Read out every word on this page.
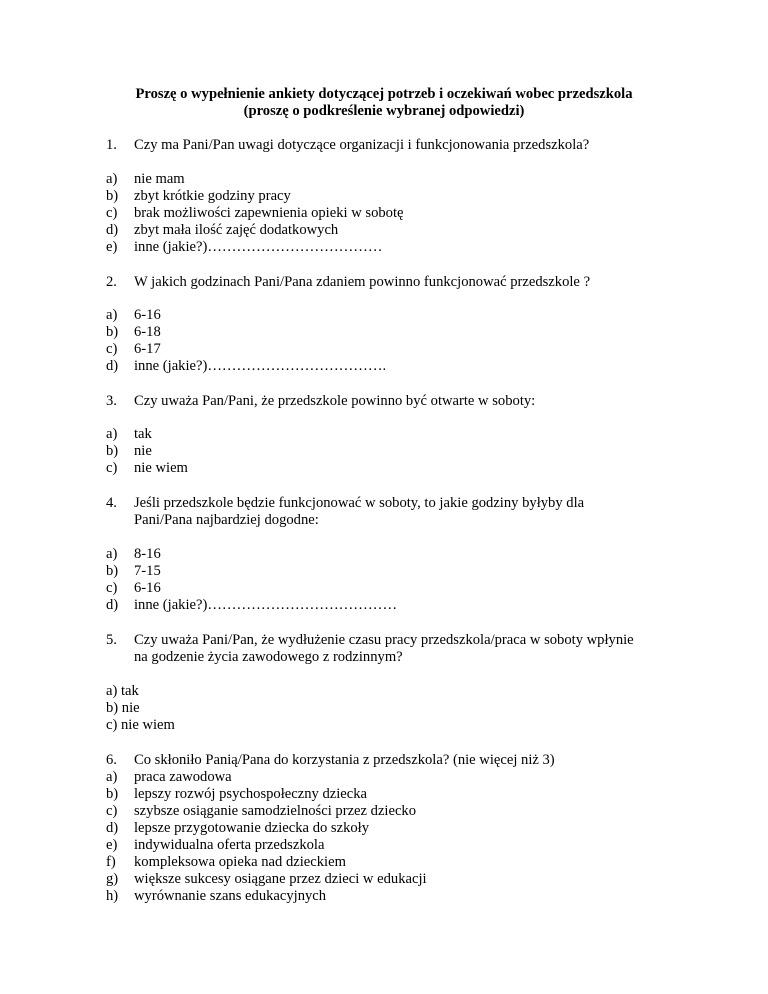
Proszę o wypełnienie ankiety dotyczącej potrzeb i oczekiwań wobec przedszkola
(proszę o podkreślenie wybranej odpowiedzi)
1. Czy ma Pani/Pan uwagi dotyczące organizacji i funkcjonowania przedszkola?
a) nie mam
b) zbyt krótkie godziny pracy
c) brak możliwości zapewnienia opieki w sobotę
d) zbyt mała ilość zajęć dodatkowych
e) inne (jakie?)………………………………
2. W jakich godzinach Pani/Pana zdaniem powinno funkcjonować przedszkole ?
a) 6-16
b) 6-18
c) 6-17
d) inne (jakie?)……………………………….
3. Czy uważa Pan/Pani, że przedszkole powinno być otwarte w soboty:
a) tak
b) nie
c) nie wiem
4. Jeśli przedszkole będzie funkcjonować w soboty, to jakie godziny byłyby dla
Pani/Pana najbardziej dogodne:
a) 8-16
b) 7-15
c) 6-16
d) inne (jakie?)…………………………………
5. Czy uważa Pani/Pan, że wydłużenie czasu pracy przedszkola/praca w soboty wpłynie
na godzenie życia zawodowego z rodzinnym?
a) tak
b) nie
c) nie wiem
6. Co skłoniło Panią/Pana do korzystania z przedszkola? (nie więcej niż 3)
a) praca zawodowa
b) lepszy rozwój psychospołeczny dziecka
c) szybsze osiąganie samodzielności przez dziecko
d) lepsze przygotowanie dziecka do szkoły
e) indywidualna oferta przedszkola
f) kompleksowa opieka nad dzieckiem
g) większe sukcesy osiągane przez dzieci w edukacji
h) wyrównanie szans edukacyjnych
